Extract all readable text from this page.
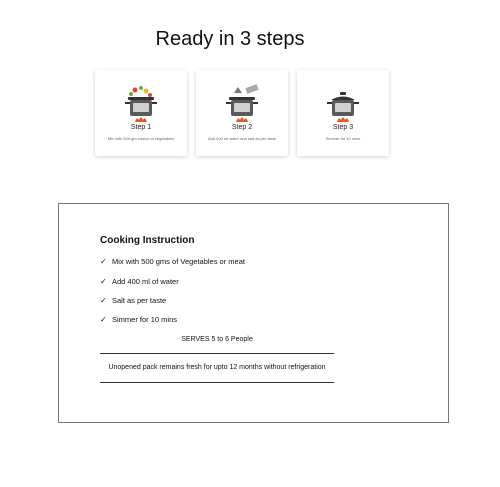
Ready in 3 steps
Step 1
Mix with 500 gm choice of vegetables
Step 2
Add 400 ml water and salt as per taste
Step 3
Simmer for 10 mins
Cooking Instruction
✓ Mix with 500 gms of Vegetables or meat
✓ Add 400 ml of water
✓ Salt as per taste
✓ Simmer for 10 mins
SERVES 5 to 6 People
Unopened pack remains fresh for upto 12 months without refrigeration
